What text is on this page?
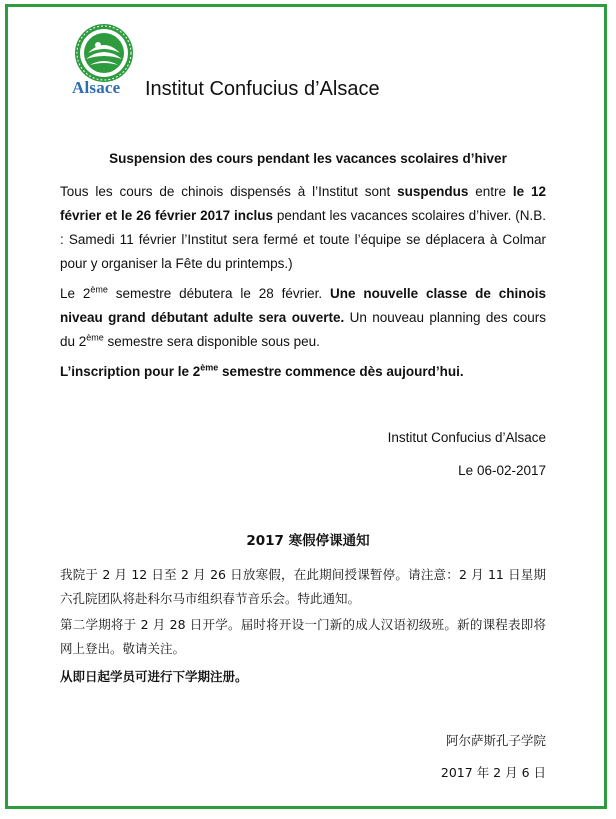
Alsace Institut Confucius d’Alsace
Suspension des cours pendant les vacances scolaires d’hiver
Tous les cours de chinois dispensés à l’Institut sont suspendus entre le 12 février et le 26 février 2017 inclus pendant les vacances scolaires d’hiver. (N.B. : Samedi 11 février l’Institut sera fermé et toute l’équipe se déplacera à Colmar pour y organiser la Fête du printemps.)
Le 2ème semestre débutera le 28 février. Une nouvelle classe de chinois niveau grand débutant adulte sera ouverte. Un nouveau planning des cours du 2ème semestre sera disponible sous peu.
L’inscription pour le 2ème semestre commence dès aujourd’hui.
Institut Confucius d’Alsace
Le 06-02-2017
2017 寒假停课通知
我院于 2 月 12 日至 2 月 26 日放寒假，在此期间授课暂停。请注意：2 月 11 日星期六孔院团队将赴科尔马市组织春节音乐会。特此通知。
第二学期将于 2 月 28 日开学。届时将开设一门新的成人汉语初级班。新的课程表即将网上登出。敬请关注。
从即日起学员可进行下学期注册。
阿尔萨斯孔子学院
2017 年 2 月 6 日
